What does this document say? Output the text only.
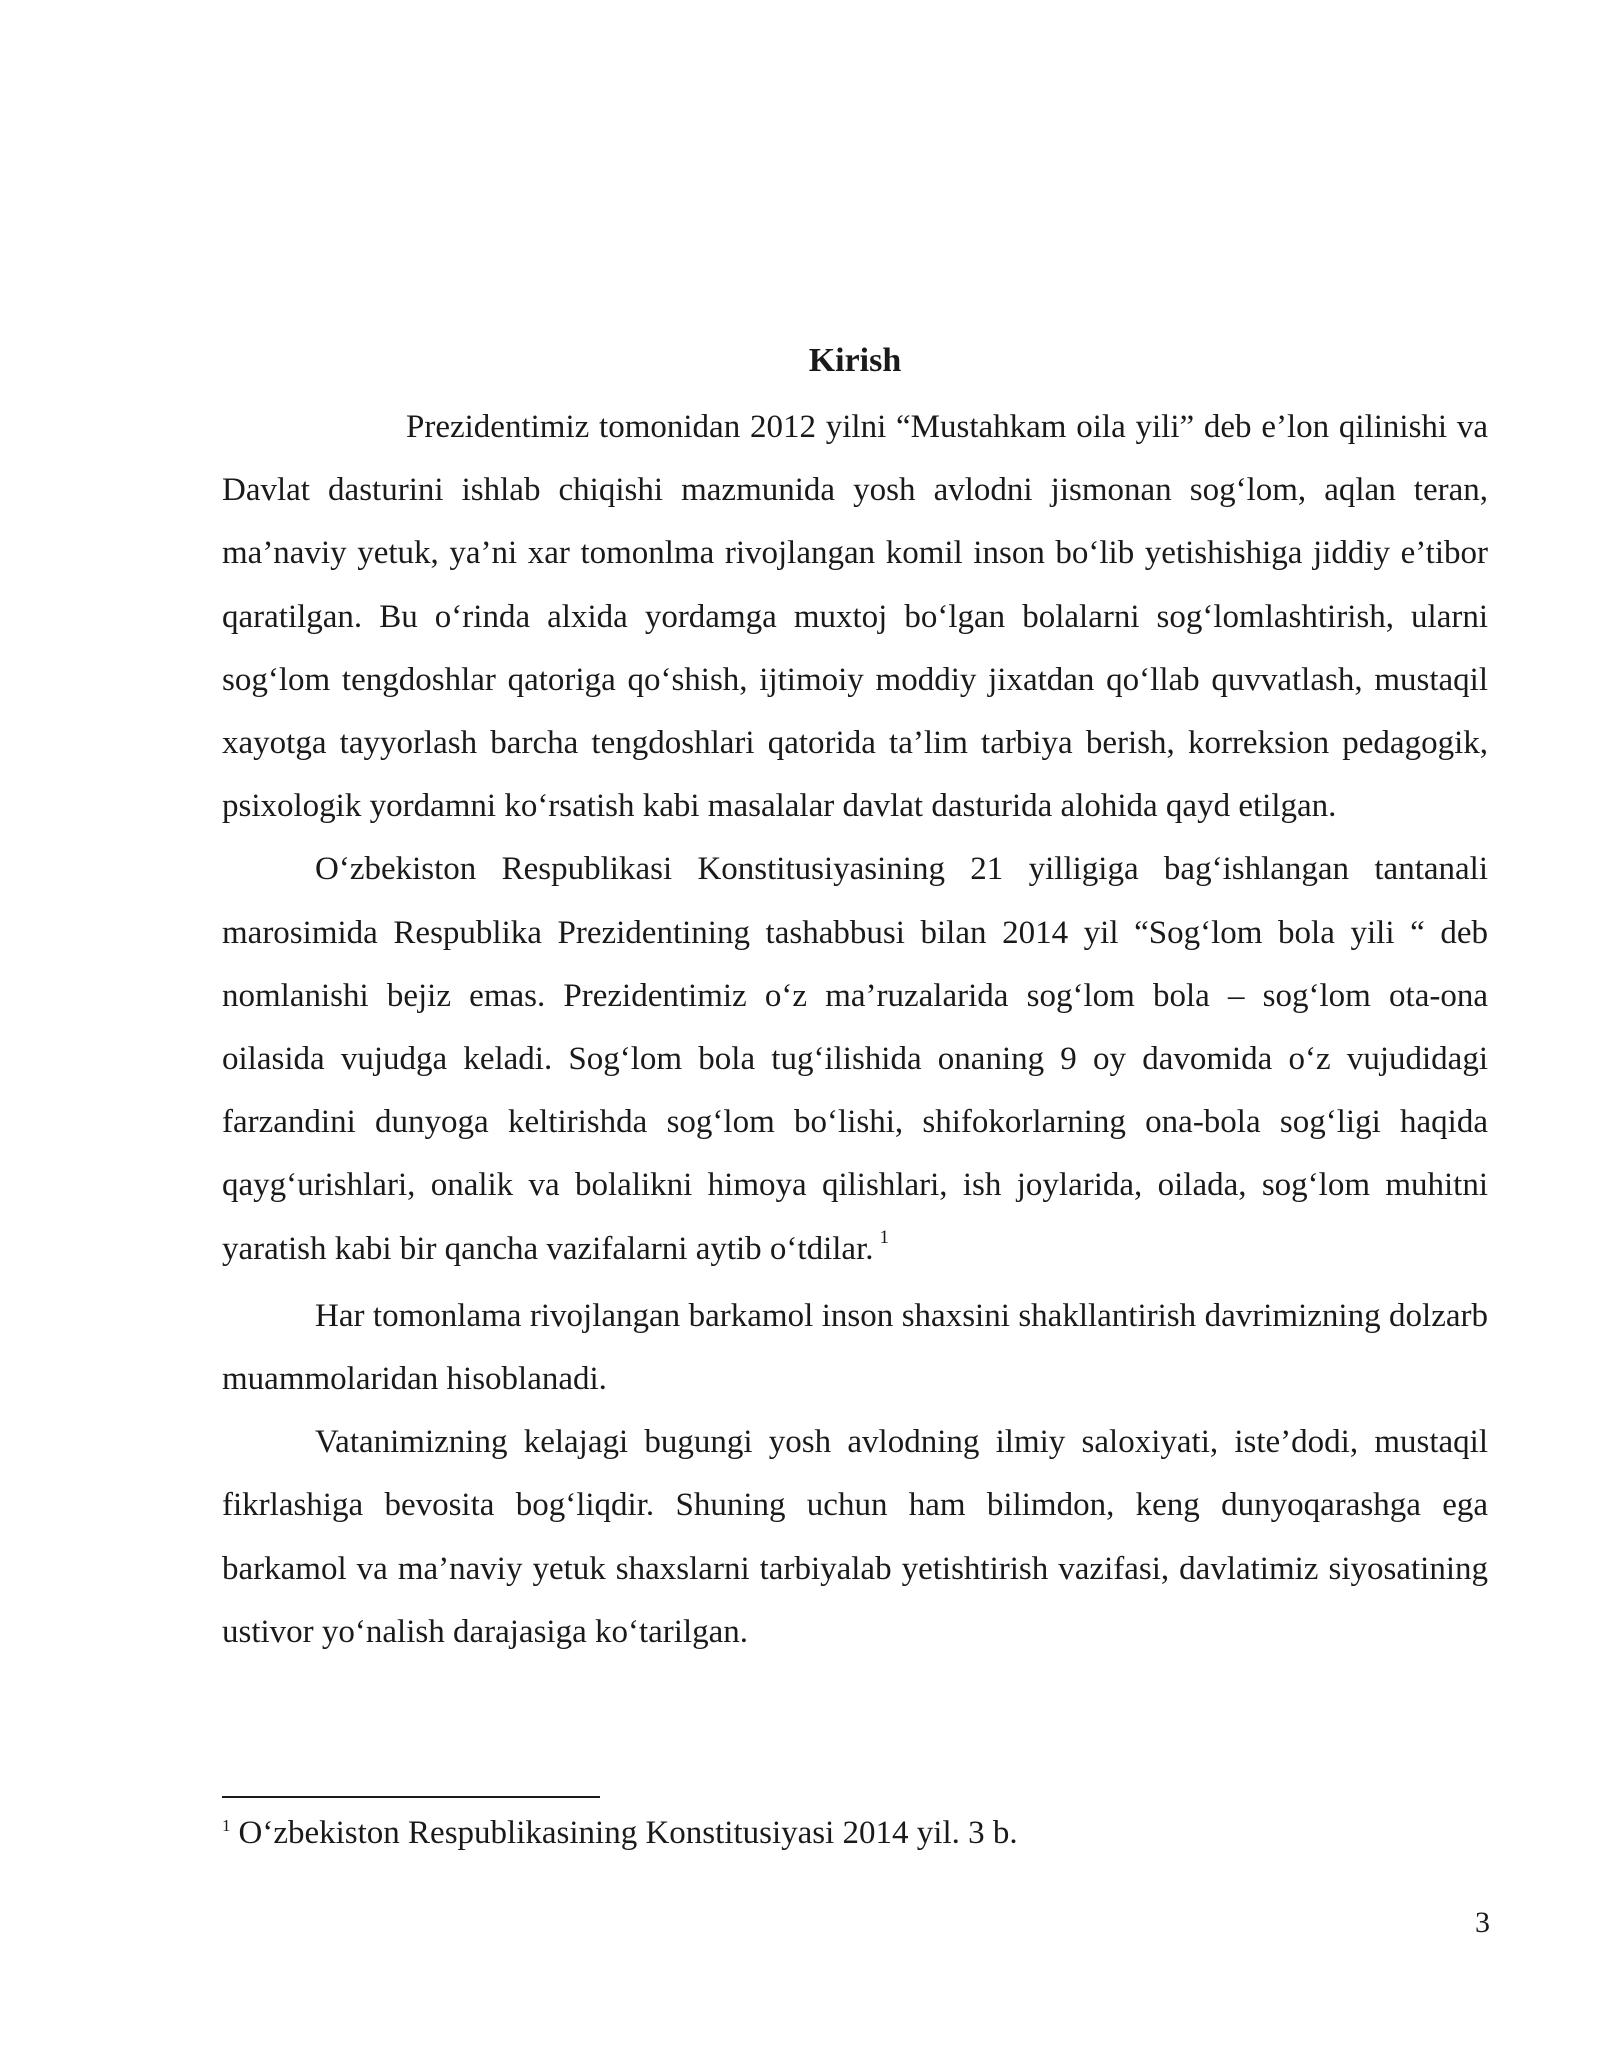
Kirish

Prezidentimiz tomonidan 2012 yilni “Mustahkam oila yili” deb e’lon qilinishi va Davlat dasturini ishlab chiqishi mazmunida yosh avlodni jismonan sog‘lom, aqlan teran, ma’naviy yetuk, ya’ni xar tomonlma rivojlangan komil inson bo‘lib yetishishiga jiddiy e’tibor qaratilgan. Bu o‘rinda alxida yordamga muxtoj bo‘lgan bolalarni sog‘lomlashtirish, ularni sog‘lom tengdoshlar qatoriga qo‘shish, ijtimoiy moddiy jixatdan qo‘llab quvvatlash, mustaqil xayotga tayyorlash barcha tengdoshlari qatorida ta’lim tarbiya berish, korreksion pedagogik, psixologik yordamni ko‘rsatish kabi masalalar davlat dasturida alohida qayd etilgan.

O‘zbekiston Respublikasi Konstitusiyasining 21 yilligiga bag‘ishlangan tantanali marosimida Respublika Prezidentining tashabbusi bilan 2014 yil “Sog‘lom bola yili “ deb nomlanishi bejiz emas. Prezidentimiz o‘z ma’ruzalarida sog‘lom bola – sog‘lom ota-ona oilasida vujudga keladi. Sog‘lom bola tug‘ilishida onaning 9 oy davomida o‘z vujudidagi farzandini dunyoga keltirishda sog‘lom bo‘lishi, shifokorlarning ona-bola sog‘ligi haqida qayg‘urishlari, onalik va bolalikni himoya qilishlari, ish joylarida, oilada, sog‘lom muhitni yaratish kabi bir qancha vazifalarni aytib o‘tdilar. $^1$

Har tomonlama rivojlangan barkamol inson shaxsini shakllantirish davrimizning dolzarb muammolaridan hisoblanadi.

Vatanimizning kelajagi bugungi yosh avlodning ilmiy saloxiyati, iste’dodi, mustaqil fikrlashiga bevosita bog‘liqdir. Shuning uchun ham bilimdon, keng dunyoqarashga ega barkamol va ma’naviy yetuk shaxslarni tarbiyalab yetishtirish vazifasi, davlatimiz siyosatining ustivor yo‘nalish darajasiga ko‘tarilgan.

$^1$ O‘zbekiston Respublikasining Konstitusiyasi 2014 yil. 3 b.

3
